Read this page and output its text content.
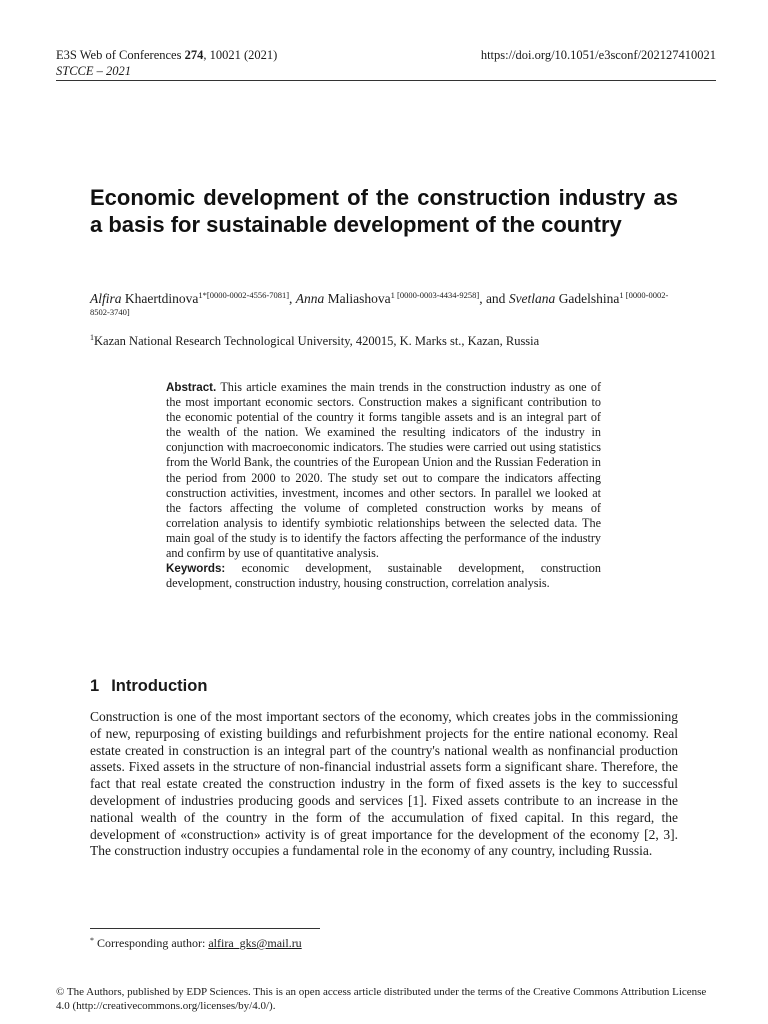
E3S Web of Conferences 274, 10021 (2021)
STCCE – 2021
https://doi.org/10.1051/e3sconf/202127410021
Economic development of the construction industry as a basis for sustainable development of the country
Alfira Khaertdinova$^{1*[0000-0002-4556-7081]}$, Anna Maliashova$^{1 [0000-0003-4434-9258]}$, and Svetlana Gadelshina$^{1 [0000-0002-8502-3740]}$
$^1$Kazan National Research Technological University, 420015, K. Marks st., Kazan, Russia
Abstract. This article examines the main trends in the construction industry as one of the most important economic sectors. Construction makes a significant contribution to the economic potential of the country it forms tangible assets and is an integral part of the wealth of the nation. We examined the resulting indicators of the industry in conjunction with macroeconomic indicators. The studies were carried out using statistics from the World Bank, the countries of the European Union and the Russian Federation in the period from 2000 to 2020. The study set out to compare the indicators affecting construction activities, investment, incomes and other sectors. In parallel we looked at the factors affecting the volume of completed construction works by means of correlation analysis to identify symbiotic relationships between the selected data. The main goal of the study is to identify the factors affecting the performance of the industry and confirm by use of quantitative analysis.
Keywords: economic development, sustainable development, construction development, construction industry, housing construction, correlation analysis.
1 Introduction
Construction is one of the most important sectors of the economy, which creates jobs in the commissioning of new, repurposing of existing buildings and refurbishment projects for the entire national economy. Real estate created in construction is an integral part of the country's national wealth as nonfinancial production assets. Fixed assets in the structure of non-financial industrial assets form a significant share. Therefore, the fact that real estate created the construction industry in the form of fixed assets is the key to successful development of industries producing goods and services [1]. Fixed assets contribute to an increase in the national wealth of the country in the form of the accumulation of fixed capital. In this regard, the development of «construction» activity is of great importance for the development of the economy [2, 3]. The construction industry occupies a fundamental role in the economy of any country, including Russia.
* Corresponding author: alfira_gks@mail.ru
© The Authors, published by EDP Sciences. This is an open access article distributed under the terms of the Creative Commons Attribution License 4.0 (http://creativecommons.org/licenses/by/4.0/).
